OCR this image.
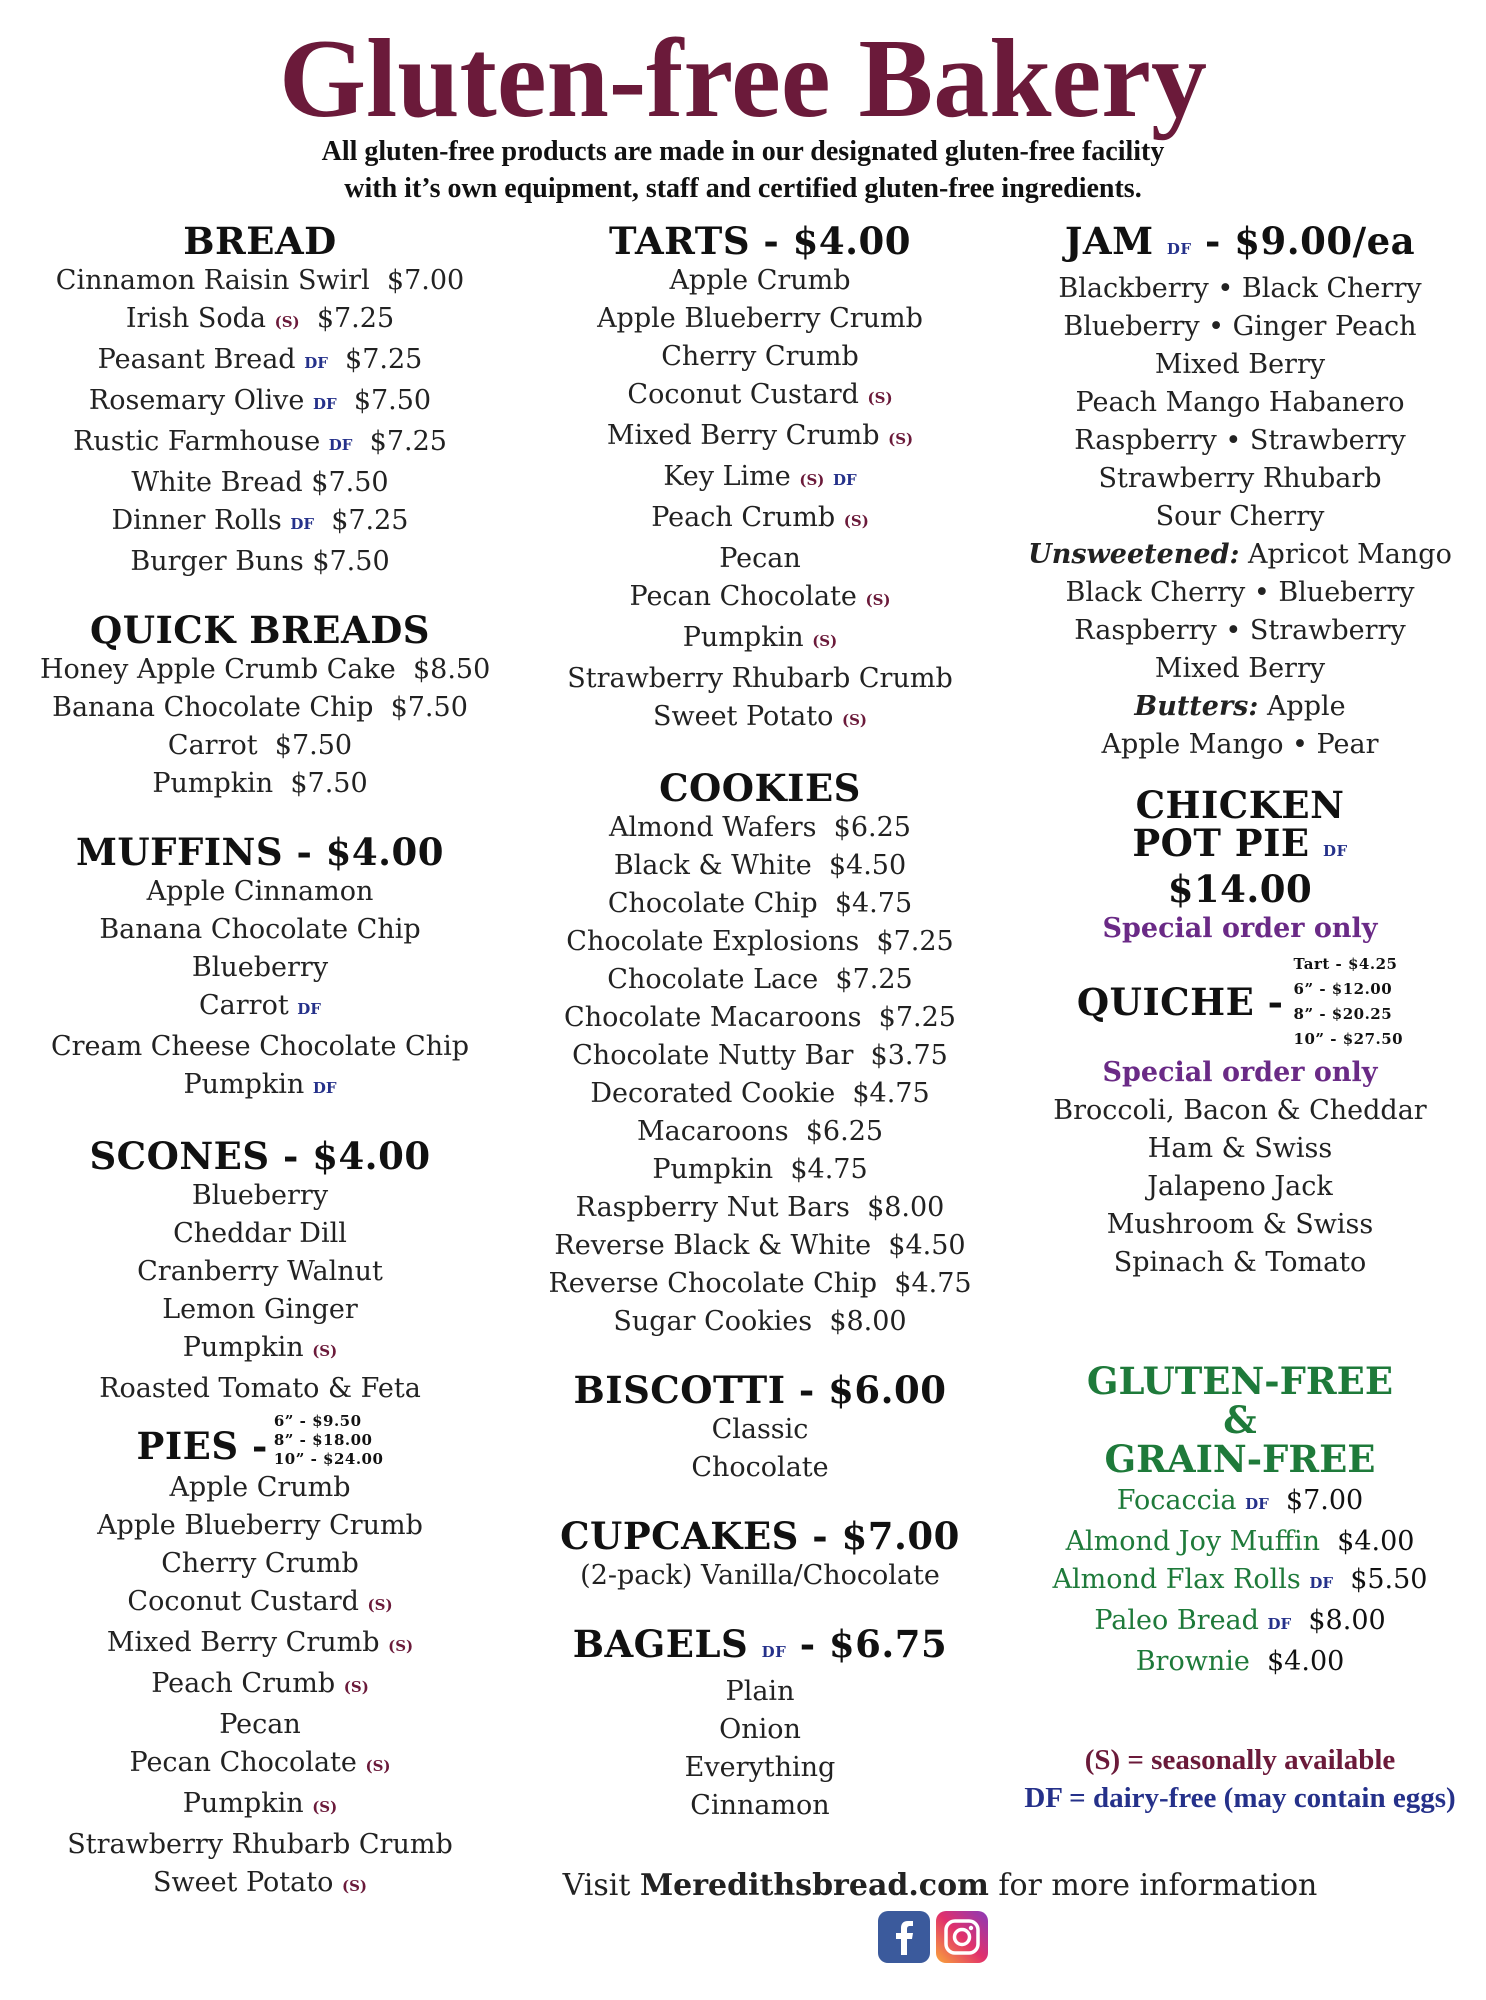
Gluten-free Bakery
All gluten-free products are made in our designated gluten-free facility
with it’s own equipment, staff and certified gluten-free ingredients.
BREAD
Cinnamon Raisin Swirl $7.00
Irish Soda (S) $7.25
Peasant Bread DF $7.25
Rosemary Olive DF $7.50
Rustic Farmhouse DF $7.25
White Bread $7.50
Dinner Rolls DF $7.25
Burger Buns $7.50
QUICK BREADS
Honey Apple Crumb Cake $8.50
Banana Chocolate Chip $7.50
Carrot $7.50
Pumpkin $7.50
MUFFINS - $4.00
Apple Cinnamon
Banana Chocolate Chip
Blueberry
Carrot DF
Cream Cheese Chocolate Chip
Pumpkin DF
SCONES - $4.00
Blueberry
Cheddar Dill
Cranberry Walnut
Lemon Ginger
Pumpkin (S)
Roasted Tomato & Feta
PIES -
6” - $9.50
8” - $18.00
10” - $24.00
Apple Crumb
Apple Blueberry Crumb
Cherry Crumb
Coconut Custard (S)
Mixed Berry Crumb (S)
Peach Crumb (S)
Pecan
Pecan Chocolate (S)
Pumpkin (S)
Strawberry Rhubarb Crumb
Sweet Potato (S)
TARTS - $4.00
Apple Crumb
Apple Blueberry Crumb
Cherry Crumb
Coconut Custard (S)
Mixed Berry Crumb (S)
Key Lime (S) DF
Peach Crumb (S)
Pecan
Pecan Chocolate (S)
Pumpkin (S)
Strawberry Rhubarb Crumb
Sweet Potato (S)
COOKIES
Almond Wafers $6.25
Black & White $4.50
Chocolate Chip $4.75
Chocolate Explosions $7.25
Chocolate Lace $7.25
Chocolate Macaroons $7.25
Chocolate Nutty Bar $3.75
Decorated Cookie $4.75
Macaroons $6.25
Pumpkin $4.75
Raspberry Nut Bars $8.00
Reverse Black & White $4.50
Reverse Chocolate Chip $4.75
Sugar Cookies $8.00
BISCOTTI - $6.00
Classic
Chocolate
CUPCAKES - $7.00
(2-pack) Vanilla/Chocolate
BAGELS DF - $6.75
Plain
Onion
Everything
Cinnamon
JAM DF - $9.00/ea
Blackberry • Black Cherry
Blueberry • Ginger Peach
Mixed Berry
Peach Mango Habanero
Raspberry • Strawberry
Strawberry Rhubarb
Sour Cherry
Unsweetened: Apricot Mango
Black Cherry • Blueberry
Raspberry • Strawberry
Mixed Berry
Butters: Apple
Apple Mango • Pear
CHICKEN
POT PIE DF
$14.00
Special order only
QUICHE -
Tart - $4.25
6” - $12.00
8” - $20.25
10” - $27.50
Special order only
Broccoli, Bacon & Cheddar
Ham & Swiss
Jalapeno Jack
Mushroom & Swiss
Spinach & Tomato
GLUTEN-FREE
&
GRAIN-FREE
Focaccia DF $7.00
Almond Joy Muffin $4.00
Almond Flax Rolls DF $5.50
Paleo Bread DF $8.00
Brownie $4.00
(S) = seasonally available
DF = dairy-free (may contain eggs)
Visit Meredithsbread.com for more information
